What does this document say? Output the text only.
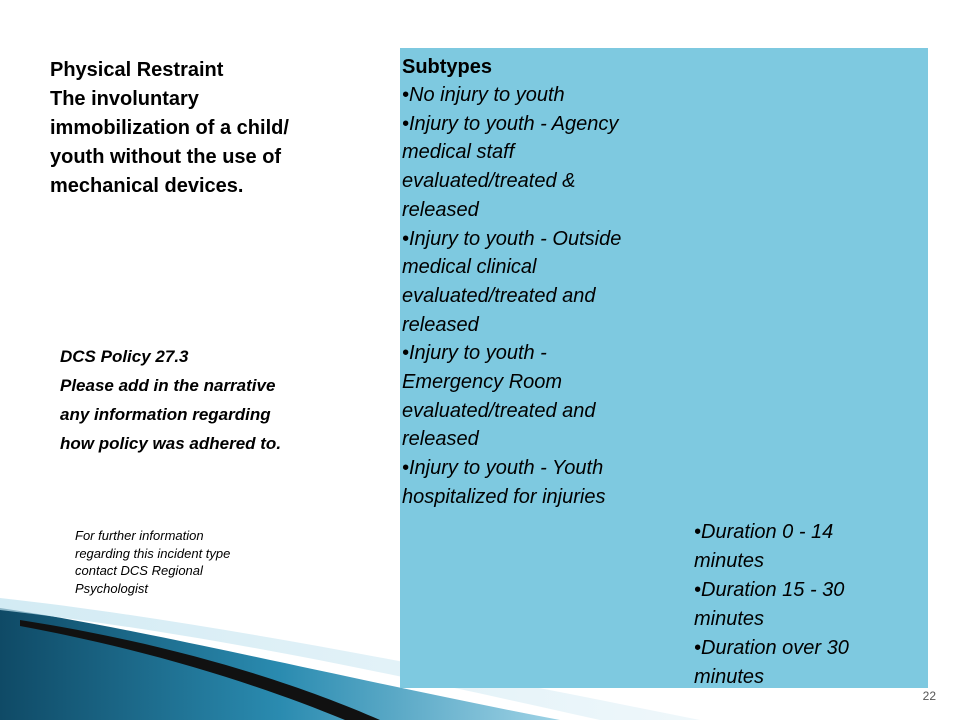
Physical Restraint
The involuntary
immobilization of a child/
youth without the use of
mechanical devices.
DCS Policy 27.3
Please add in the narrative
any information regarding
how policy was adhered to.
For further information
regarding this incident type
contact DCS Regional
Psychologist
Subtypes
•No injury to youth
•Injury to youth - Agency
medical staff
evaluated/treated &
released
•Injury to youth - Outside
medical clinical
evaluated/treated and
released
•Injury to youth -
Emergency Room
evaluated/treated and
released
•Injury to youth - Youth
hospitalized for injuries
•Duration 0 - 14
minutes
•Duration 15 - 30
minutes
•Duration over 30
minutes
22
